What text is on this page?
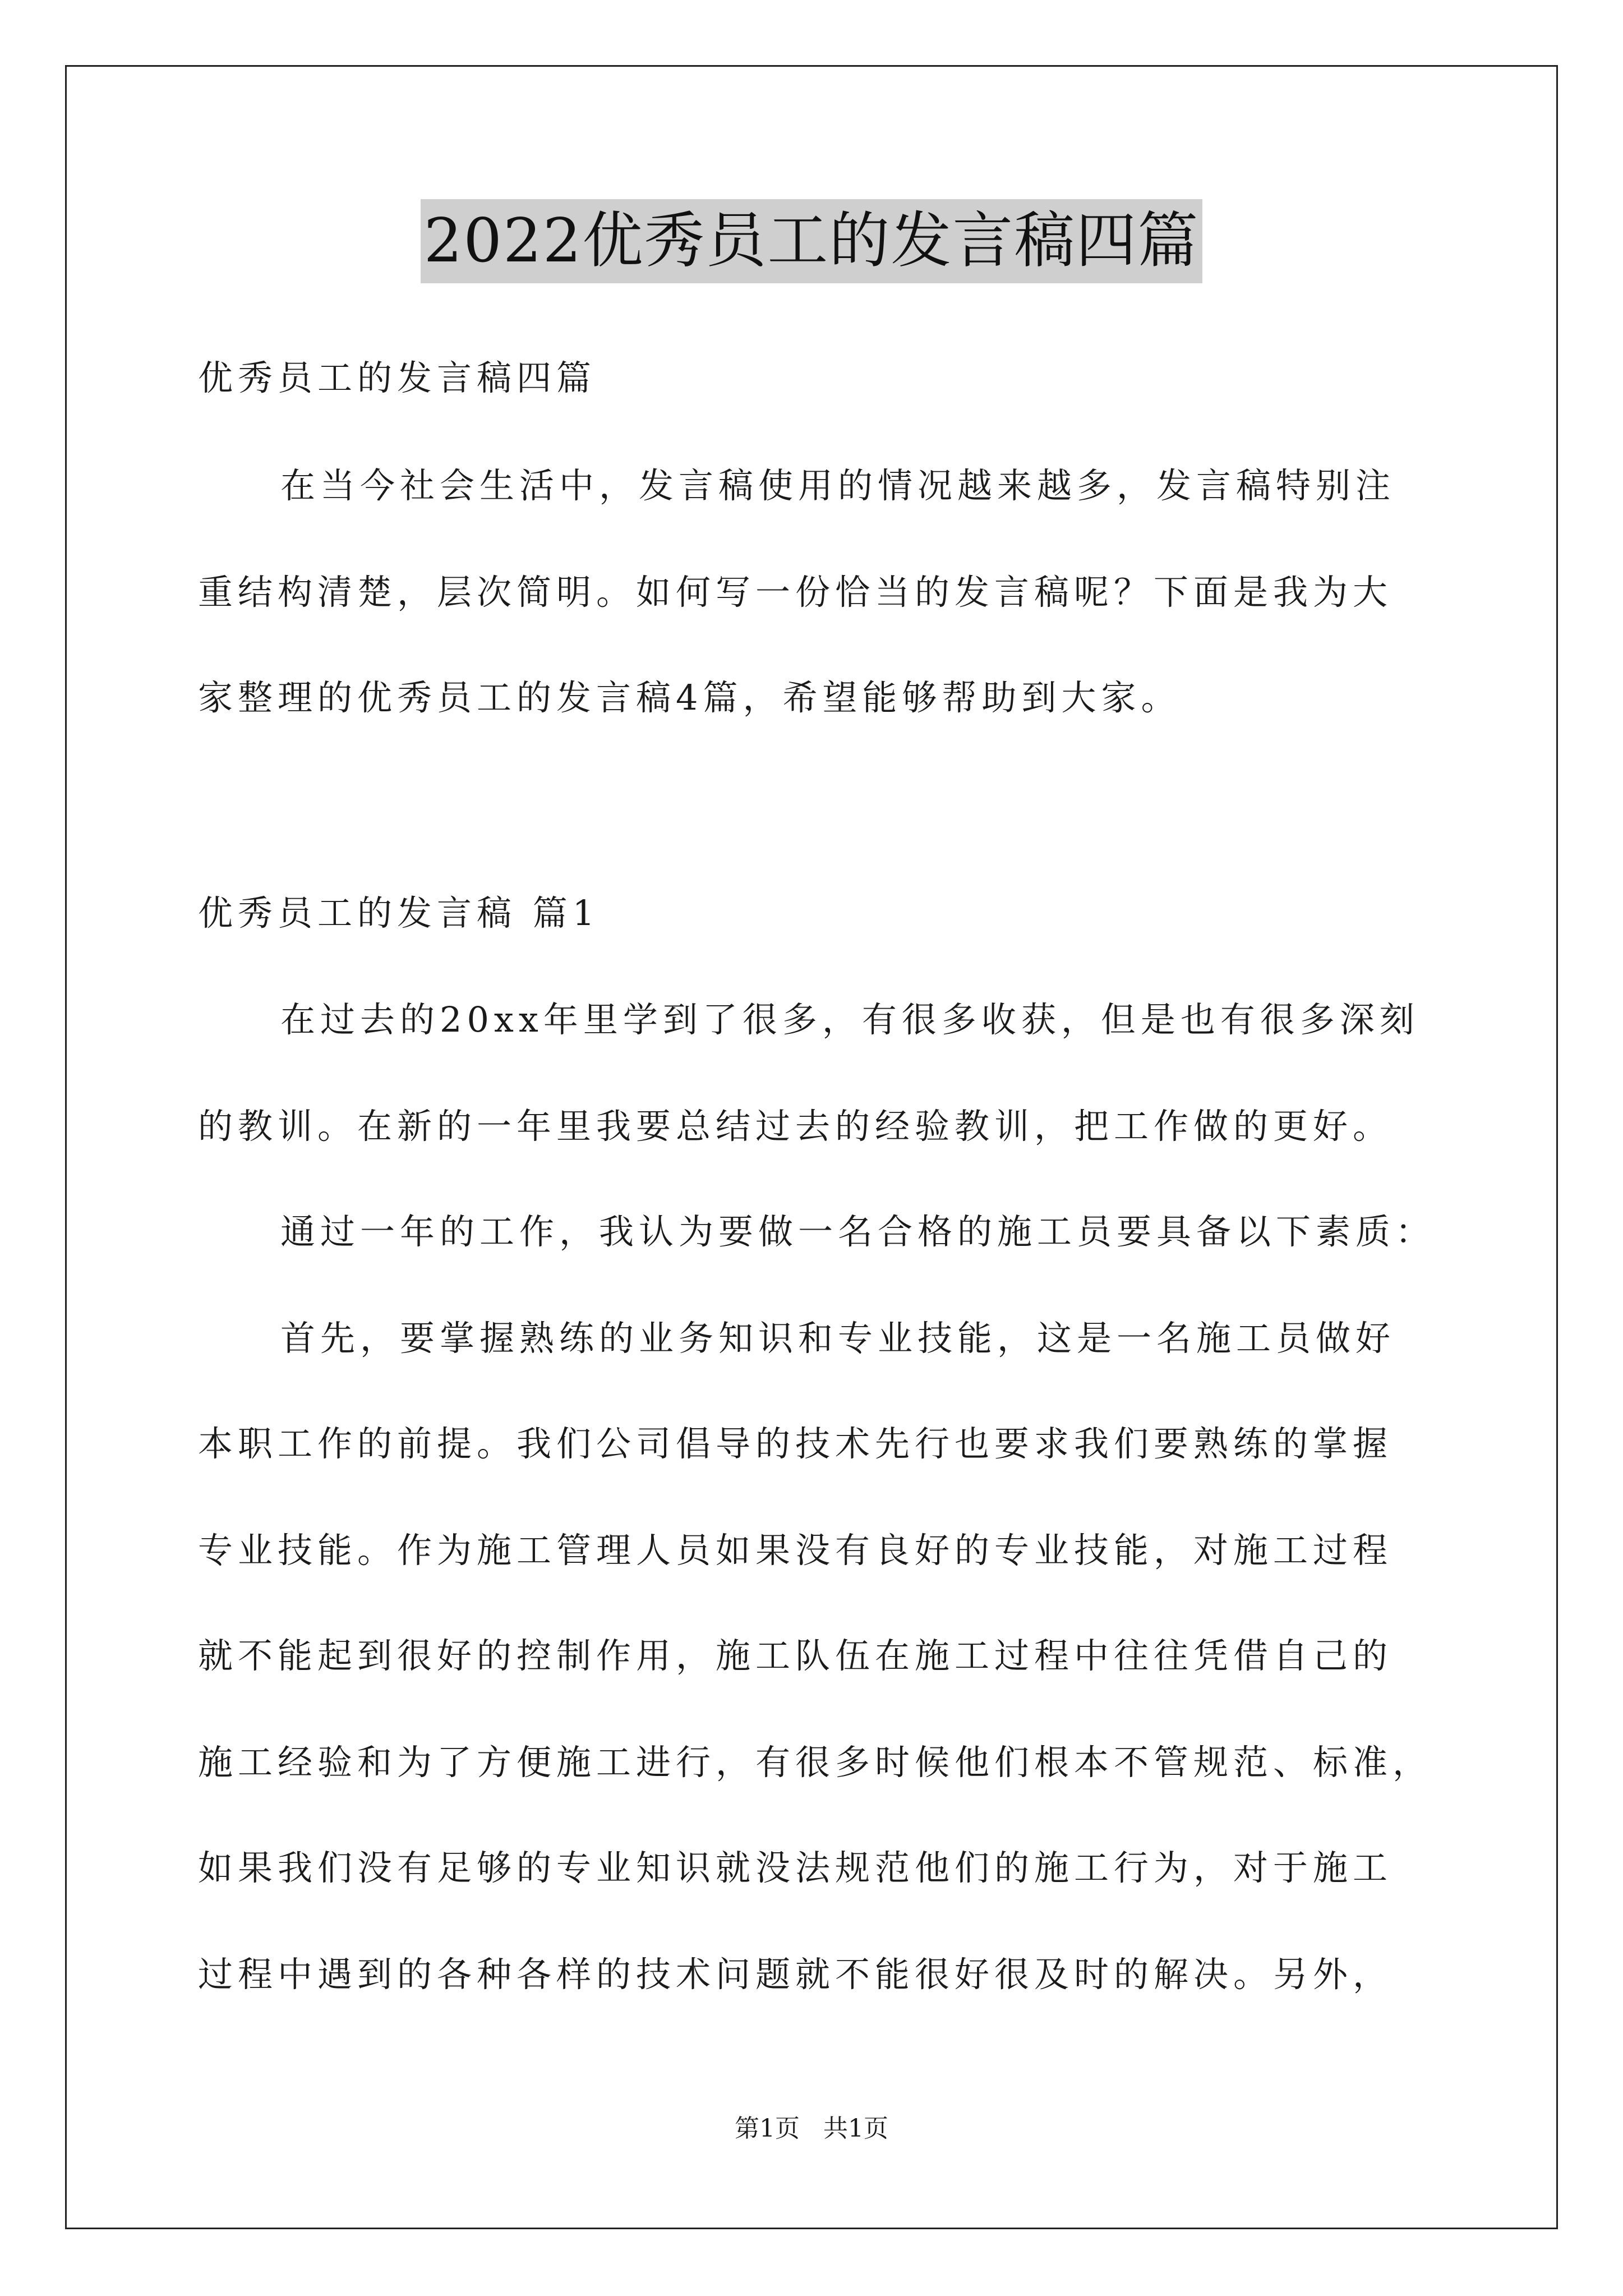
2022优秀员工的发言稿四篇
优秀员工的发言稿四篇
在当今社会生活中，发言稿使用的情况越来越多，发言稿特别注
重结构清楚，层次简明。如何写一份恰当的发言稿呢？下面是我为大
家整理的优秀员工的发言稿4篇，希望能够帮助到大家。
优秀员工的发言稿 篇1
在过去的20xx年里学到了很多，有很多收获，但是也有很多深刻
的教训。在新的一年里我要总结过去的经验教训，把工作做的更好。
通过一年的工作，我认为要做一名合格的施工员要具备以下素质：
首先，要掌握熟练的业务知识和专业技能，这是一名施工员做好
本职工作的前提。我们公司倡导的技术先行也要求我们要熟练的掌握
专业技能。作为施工管理人员如果没有良好的专业技能，对施工过程
就不能起到很好的控制作用，施工队伍在施工过程中往往凭借自己的
施工经验和为了方便施工进行，有很多时候他们根本不管规范、标准，
如果我们没有足够的专业知识就没法规范他们的施工行为，对于施工
过程中遇到的各种各样的技术问题就不能很好很及时的解决。另外，
第1页 共1页
